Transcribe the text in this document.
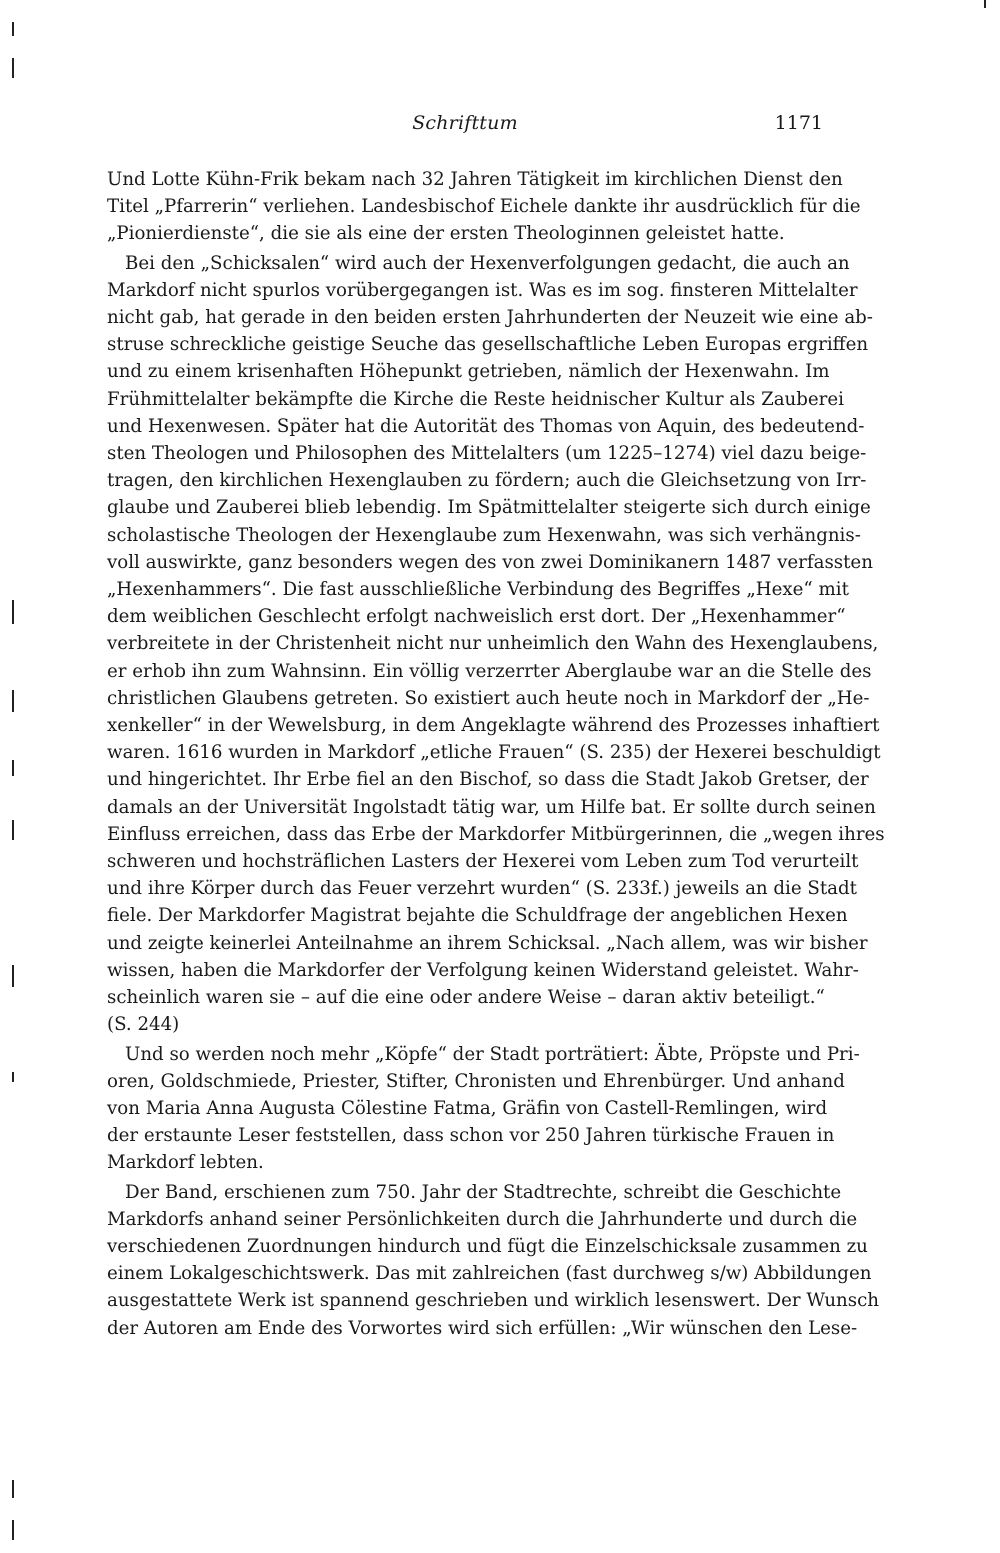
Schrifttum	1171

Und Lotte Kühn-Frik bekam nach 32 Jahren Tätigkeit im kirchlichen Dienst den
Titel „Pfarrerin“ verliehen. Landesbischof Eichele dankte ihr ausdrücklich für die
„Pionierdienste“, die sie als eine der ersten Theologinnen geleistet hatte.

Bei den „Schicksalen“ wird auch der Hexenverfolgungen gedacht, die auch an
Markdorf nicht spurlos vorübergegangen ist. Was es im sog. finsteren Mittelalter
nicht gab, hat gerade in den beiden ersten Jahrhunderten der Neuzeit wie eine ab-
struse schreckliche geistige Seuche das gesellschaftliche Leben Europas ergriffen
und zu einem krisenhaften Höhepunkt getrieben, nämlich der Hexenwahn. Im
Frühmittelalter bekämpfte die Kirche die Reste heidnischer Kultur als Zauberei
und Hexenwesen. Später hat die Autorität des Thomas von Aquin, des bedeutend-
sten Theologen und Philosophen des Mittelalters (um 1225–1274) viel dazu beige-
tragen, den kirchlichen Hexenglauben zu fördern; auch die Gleichsetzung von Irr-
glaube und Zauberei blieb lebendig. Im Spätmittelalter steigerte sich durch einige
scholastische Theologen der Hexenglaube zum Hexenwahn, was sich verhängnis-
voll auswirkte, ganz besonders wegen des von zwei Dominikanern 1487 verfassten
„Hexenhammers“. Die fast ausschließliche Verbindung des Begriffes „Hexe“ mit
dem weiblichen Geschlecht erfolgt nachweislich erst dort. Der „Hexenhammer“
verbreitete in der Christenheit nicht nur unheimlich den Wahn des Hexenglaubens,
er erhob ihn zum Wahnsinn. Ein völlig verzerrter Aberglaube war an die Stelle des
christlichen Glaubens getreten. So existiert auch heute noch in Markdorf der „He-
xenkeller“ in der Wewelsburg, in dem Angeklagte während des Prozesses inhaftiert
waren. 1616 wurden in Markdorf „etliche Frauen“ (S. 235) der Hexerei beschuldigt
und hingerichtet. Ihr Erbe fiel an den Bischof, so dass die Stadt Jakob Gretser, der
damals an der Universität Ingolstadt tätig war, um Hilfe bat. Er sollte durch seinen
Einfluss erreichen, dass das Erbe der Markdorfer Mitbürgerinnen, die „wegen ihres
schweren und hochsträflichen Lasters der Hexerei vom Leben zum Tod verurteilt
und ihre Körper durch das Feuer verzehrt wurden“ (S. 233f.) jeweils an die Stadt
fiele. Der Markdorfer Magistrat bejahte die Schuldfrage der angeblichen Hexen
und zeigte keinerlei Anteilnahme an ihrem Schicksal. „Nach allem, was wir bisher
wissen, haben die Markdorfer der Verfolgung keinen Widerstand geleistet. Wahr-
scheinlich waren sie – auf die eine oder andere Weise – daran aktiv beteiligt.“
(S. 244)

Und so werden noch mehr „Köpfe“ der Stadt porträtiert: Äbte, Pröpste und Pri-
oren, Goldschmiede, Priester, Stifter, Chronisten und Ehrenbürger. Und anhand
von Maria Anna Augusta Cölestine Fatma, Gräfin von Castell-Remlingen, wird
der erstaunte Leser feststellen, dass schon vor 250 Jahren türkische Frauen in
Markdorf lebten.

Der Band, erschienen zum 750. Jahr der Stadtrechte, schreibt die Geschichte
Markdorfs anhand seiner Persönlichkeiten durch die Jahrhunderte und durch die
verschiedenen Zuordnungen hindurch und fügt die Einzelschicksale zusammen zu
einem Lokalgeschichtswerk. Das mit zahlreichen (fast durchweg s/w) Abbildungen
ausgestattete Werk ist spannend geschrieben und wirklich lesenswert. Der Wunsch
der Autoren am Ende des Vorwortes wird sich erfüllen: „Wir wünschen den Lese-
